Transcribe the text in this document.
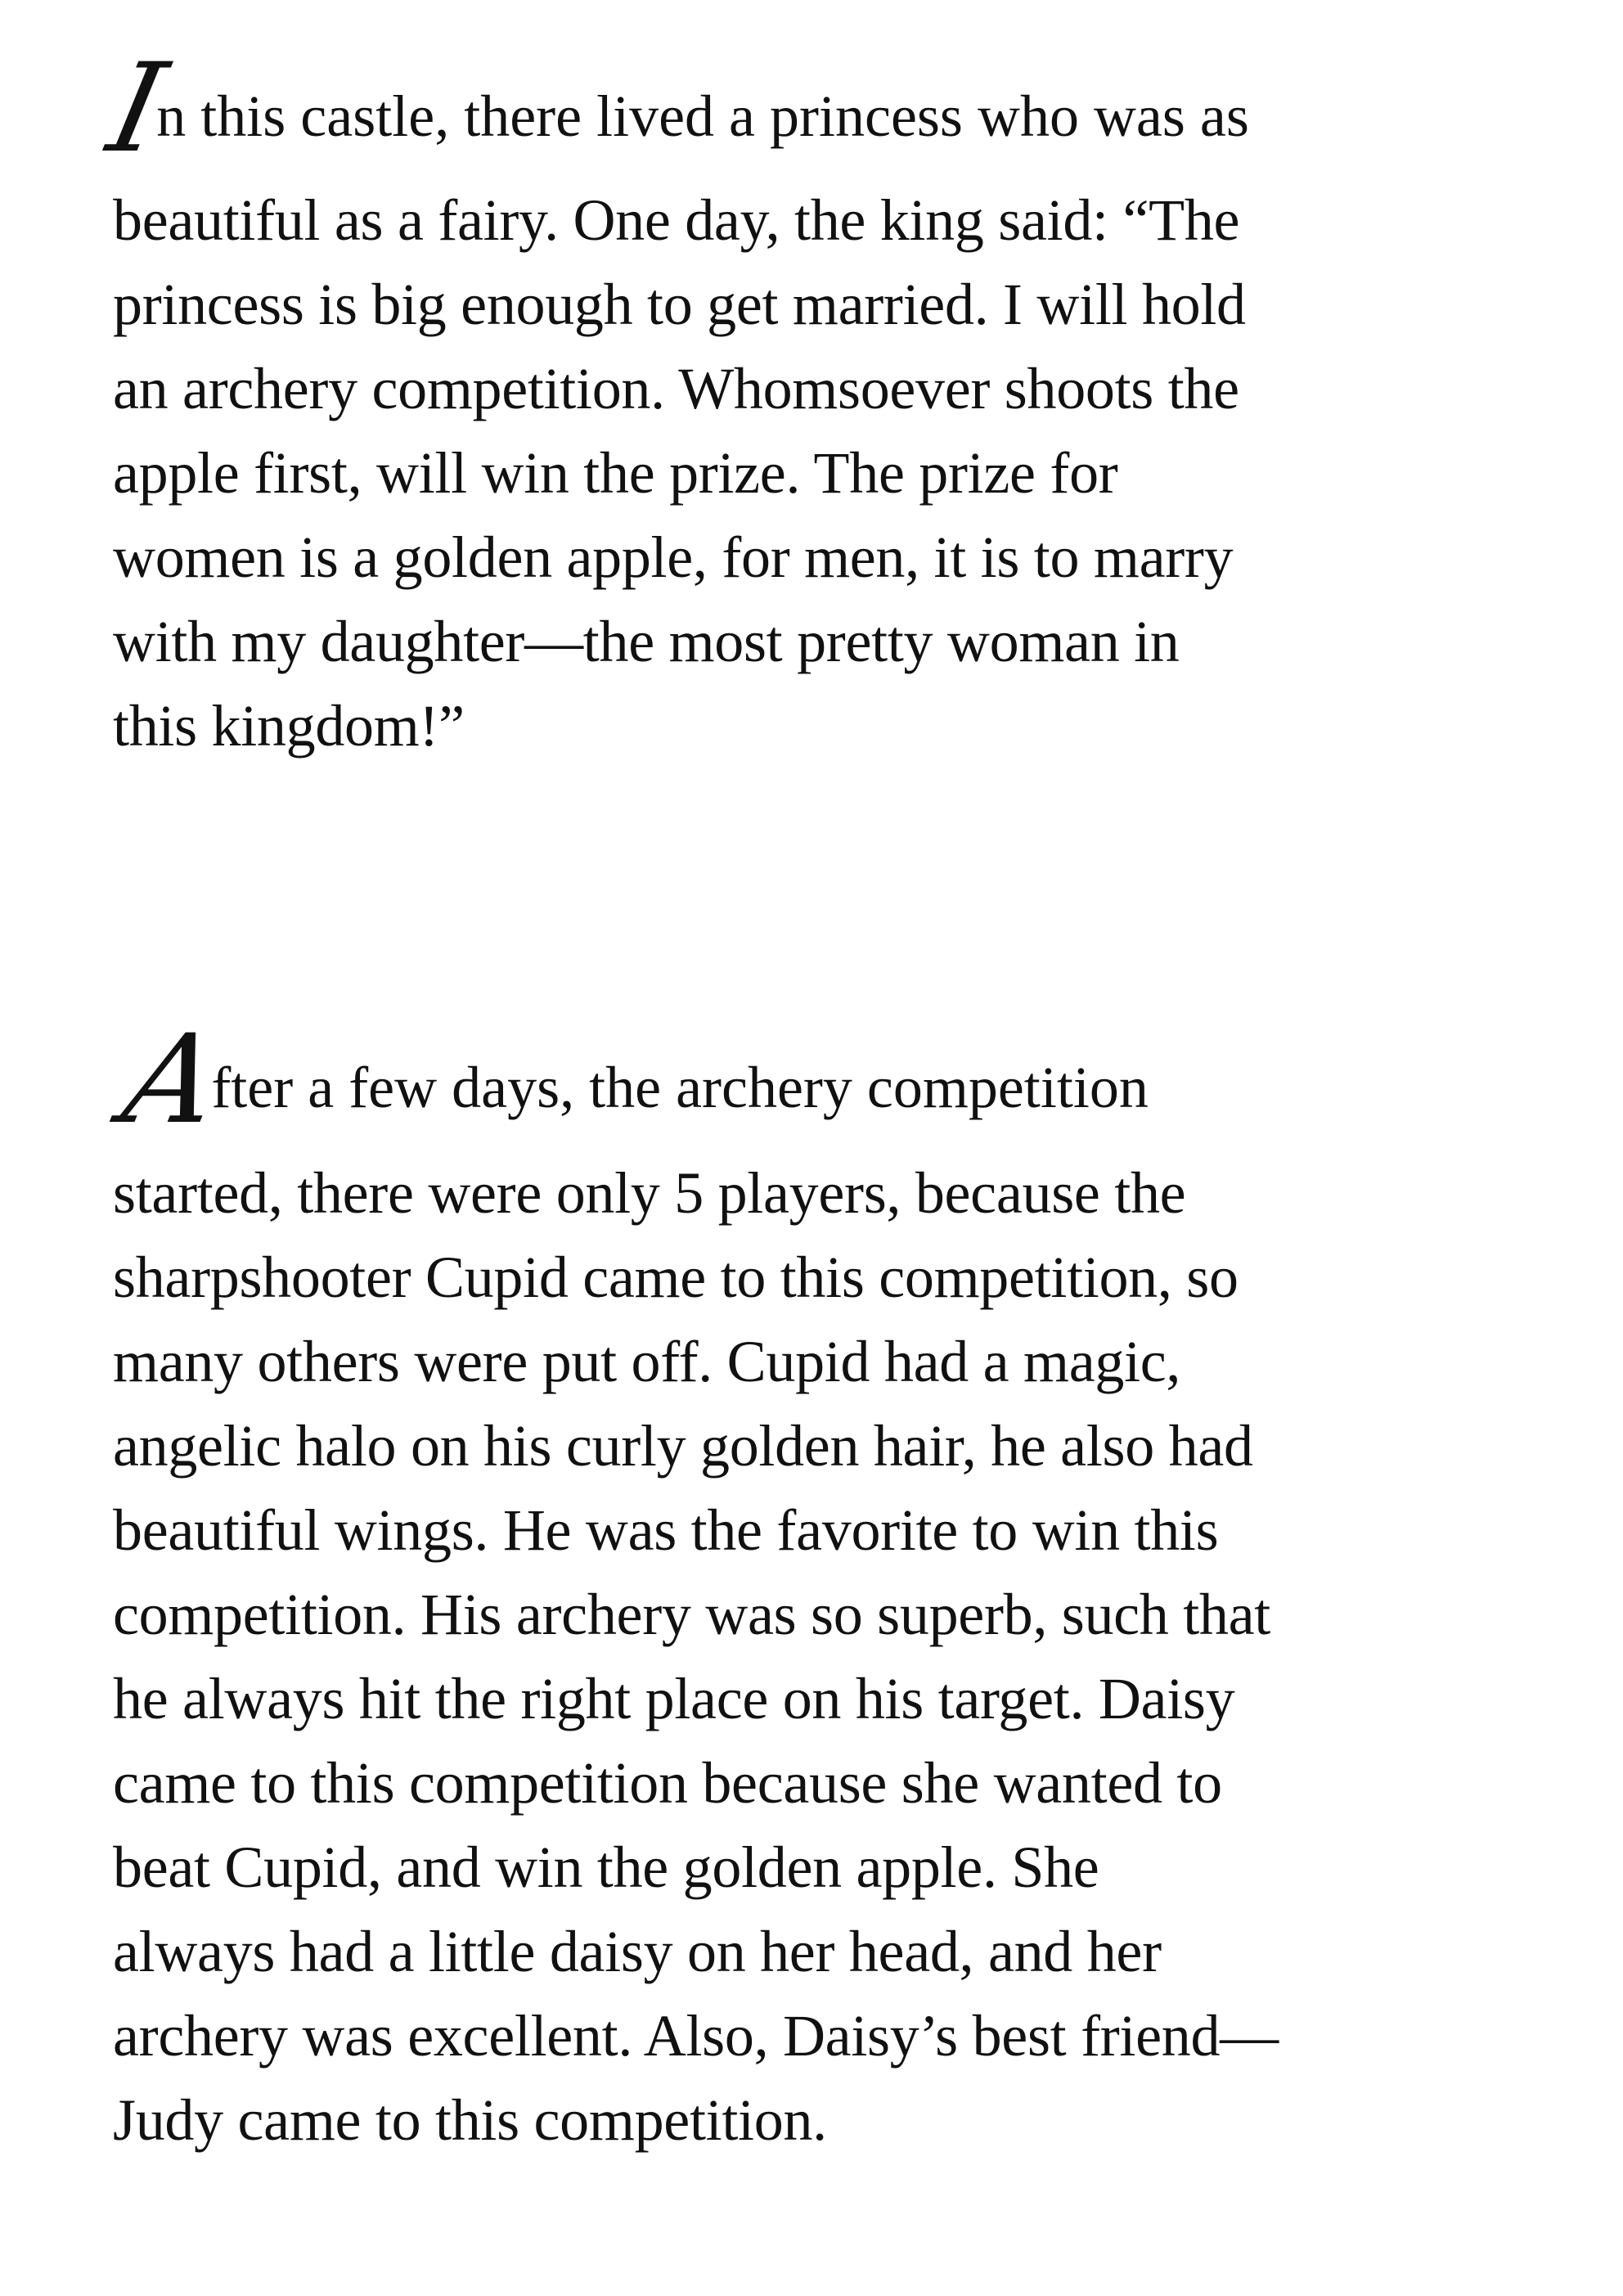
I
n this castle, there lived a princess who was as
beautiful as a fairy. One day, the king said: “The
princess is big enough to get married. I will hold
an archery competition. Whomsoever shoots the
apple first, will win the prize. The prize for
women is a golden apple, for men, it is to marry
with my daughter—the most pretty woman in
this kingdom!”
A
fter a few days, the archery competition
started, there were only 5 players, because the
sharpshooter Cupid came to this competition, so
many others were put off. Cupid had a magic,
angelic halo on his curly golden hair, he also had
beautiful wings. He was the favorite to win this
competition. His archery was so superb, such that
he always hit the right place on his target. Daisy
came to this competition because she wanted to
beat Cupid, and win the golden apple. She
always had a little daisy on her head, and her
archery was excellent. Also, Daisy’s best friend—
Judy came to this competition.
